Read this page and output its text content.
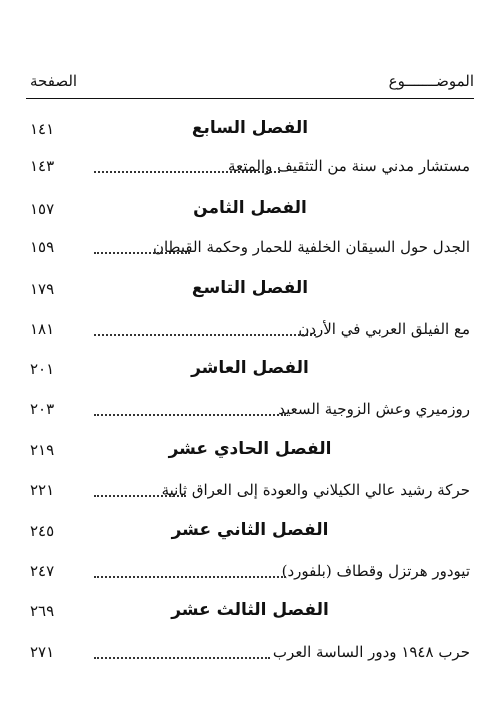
الموضـــــــوع
الصفحة
الفصل السابع
١٤١
مستشار مدني سنة من التثقيف والمتعة
١٤٣
الفصل الثامن
١٥٧
الجدل حول السيقان الخلفية للحمار وحكمة القبطان
١٥٩
الفصل التاسع
١٧٩
مع الفيلق العربي في الأردن
١٨١
الفصل العاشر
٢٠١
روزميري وعش الزوجية السعيد
٢٠٣
الفصل الحادي عشر
٢١٩
حركة رشيد عالي الكيلاني والعودة إلى العراق ثانية
٢٢١
الفصل الثاني عشر
٢٤٥
تيودور هرتزل وقطاف (بلفورد)
٢٤٧
الفصل الثالث عشر
٢٦٩
حرب ١٩٤٨ ودور الساسة العرب
٢٧١
